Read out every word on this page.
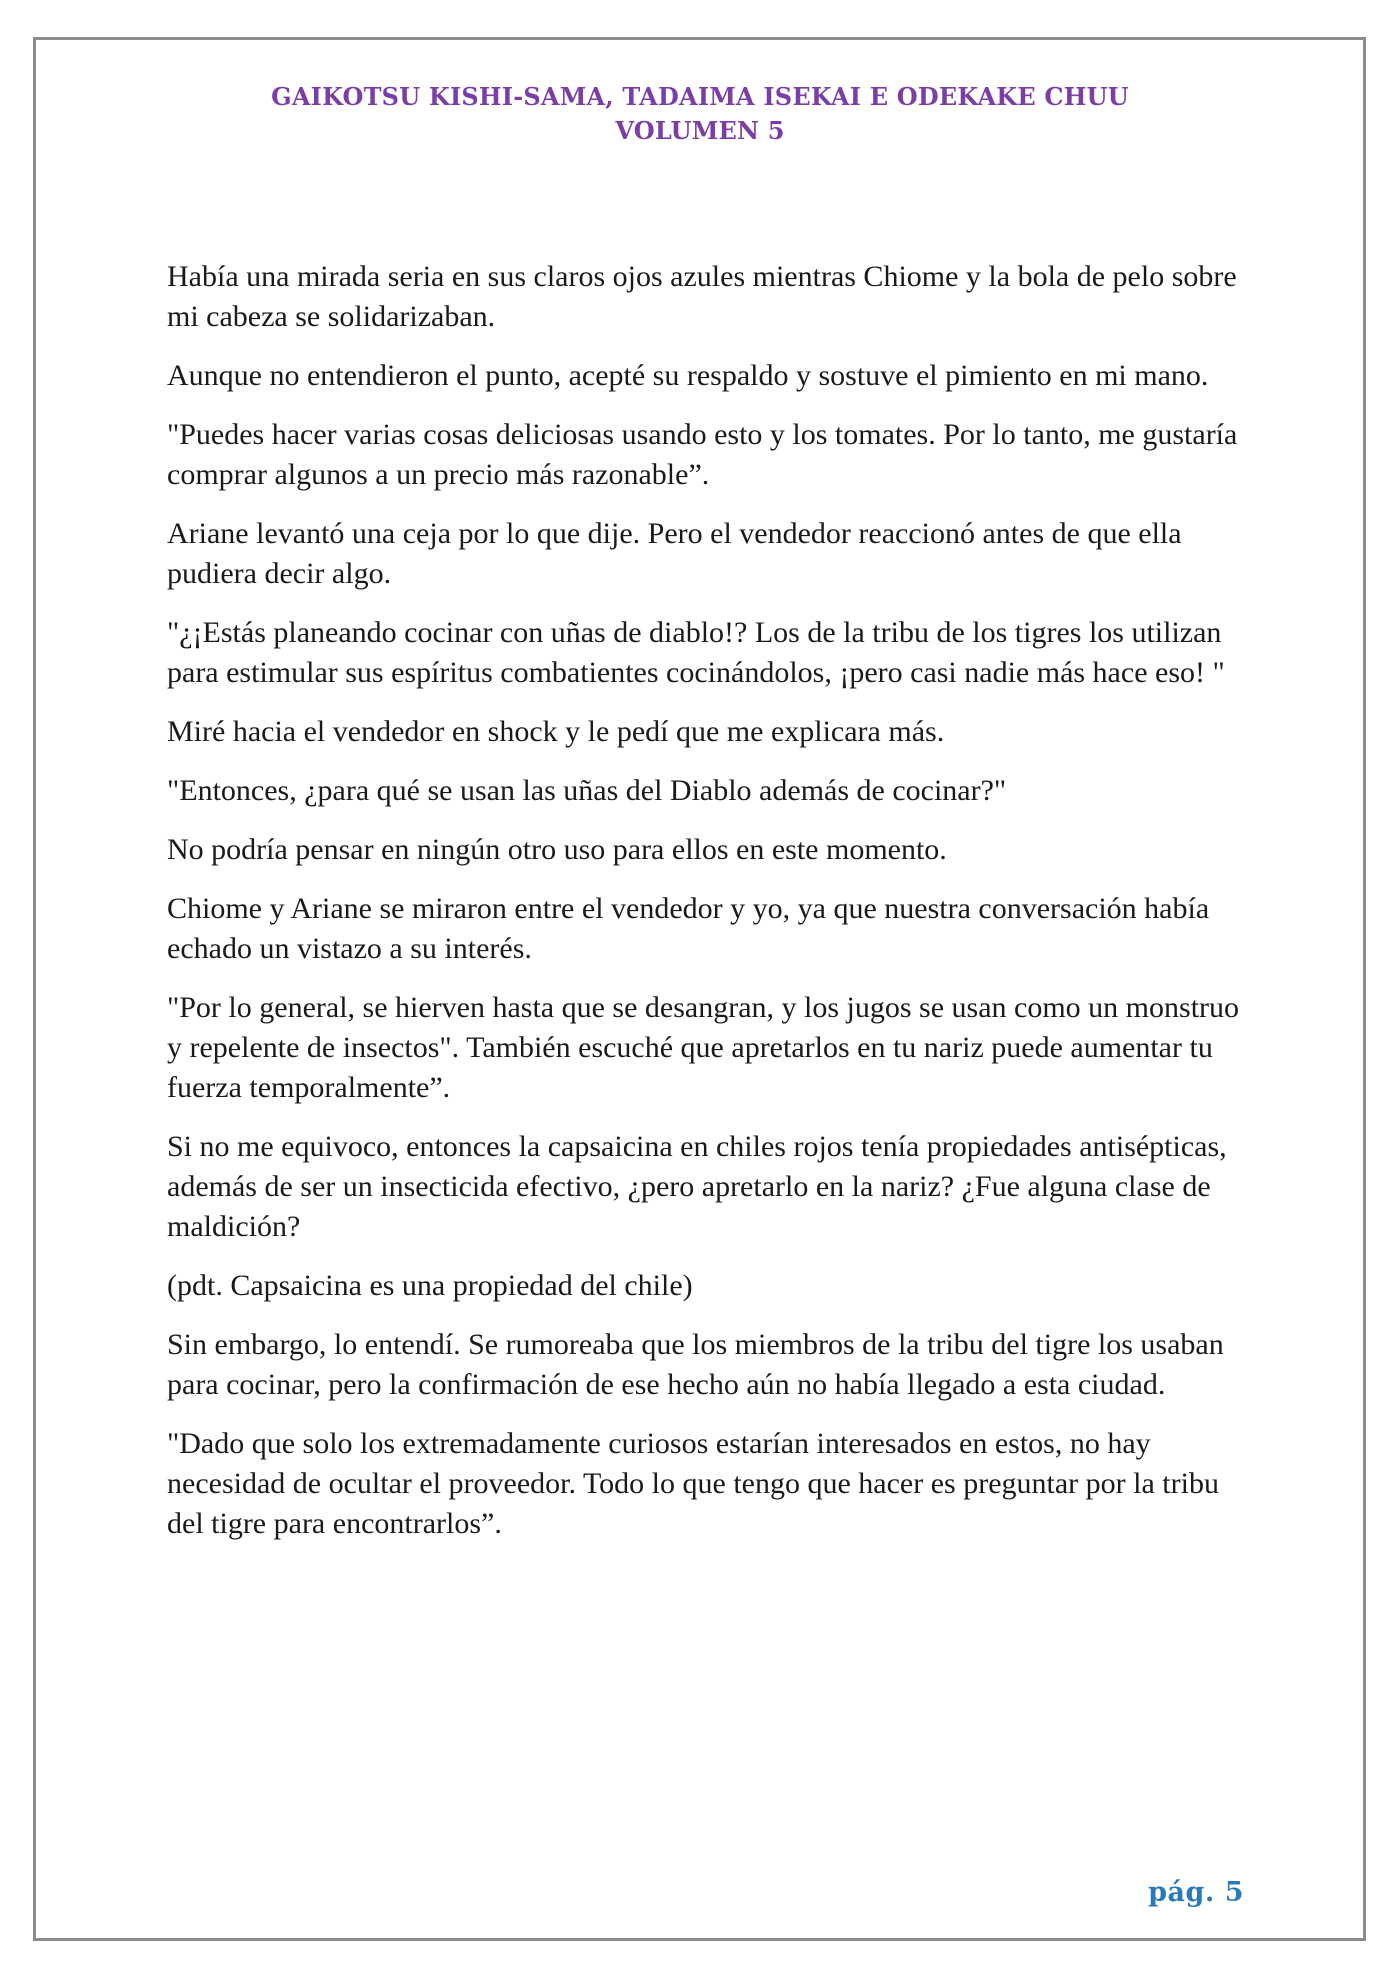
GAIKOTSU KISHI-SAMA, TADAIMA ISEKAI E ODEKAKE CHUU
VOLUMEN 5

Había una mirada seria en sus claros ojos azules mientras Chiome y la bola de pelo sobre mi cabeza se solidarizaban.

Aunque no entendieron el punto, acepté su respaldo y sostuve el pimiento en mi mano.

"Puedes hacer varias cosas deliciosas usando esto y los tomates. Por lo tanto, me gustaría comprar algunos a un precio más razonable”.

Ariane levantó una ceja por lo que dije. Pero el vendedor reaccionó antes de que ella pudiera decir algo.

"¿¡Estás planeando cocinar con uñas de diablo!? Los de la tribu de los tigres los utilizan para estimular sus espíritus combatientes cocinándolos, ¡pero casi nadie más hace eso! "

Miré hacia el vendedor en shock y le pedí que me explicara más.

"Entonces, ¿para qué se usan las uñas del Diablo además de cocinar?"

No podría pensar en ningún otro uso para ellos en este momento.

Chiome y Ariane se miraron entre el vendedor y yo, ya que nuestra conversación había echado un vistazo a su interés.

"Por lo general, se hierven hasta que se desangran, y los jugos se usan como un monstruo y repelente de insectos". También escuché que apretarlos en tu nariz puede aumentar tu fuerza temporalmente”.

Si no me equivoco, entonces la capsaicina en chiles rojos tenía propiedades antisépticas, además de ser un insecticida efectivo, ¿pero apretarlo en la nariz? ¿Fue alguna clase de maldición?

(pdt. Capsaicina es una propiedad del chile)

Sin embargo, lo entendí. Se rumoreaba que los miembros de la tribu del tigre los usaban para cocinar, pero la confirmación de ese hecho aún no había llegado a esta ciudad.

"Dado que solo los extremadamente curiosos estarían interesados en estos, no hay necesidad de ocultar el proveedor. Todo lo que tengo que hacer es preguntar por la tribu del tigre para encontrarlos”.

pág. 5
